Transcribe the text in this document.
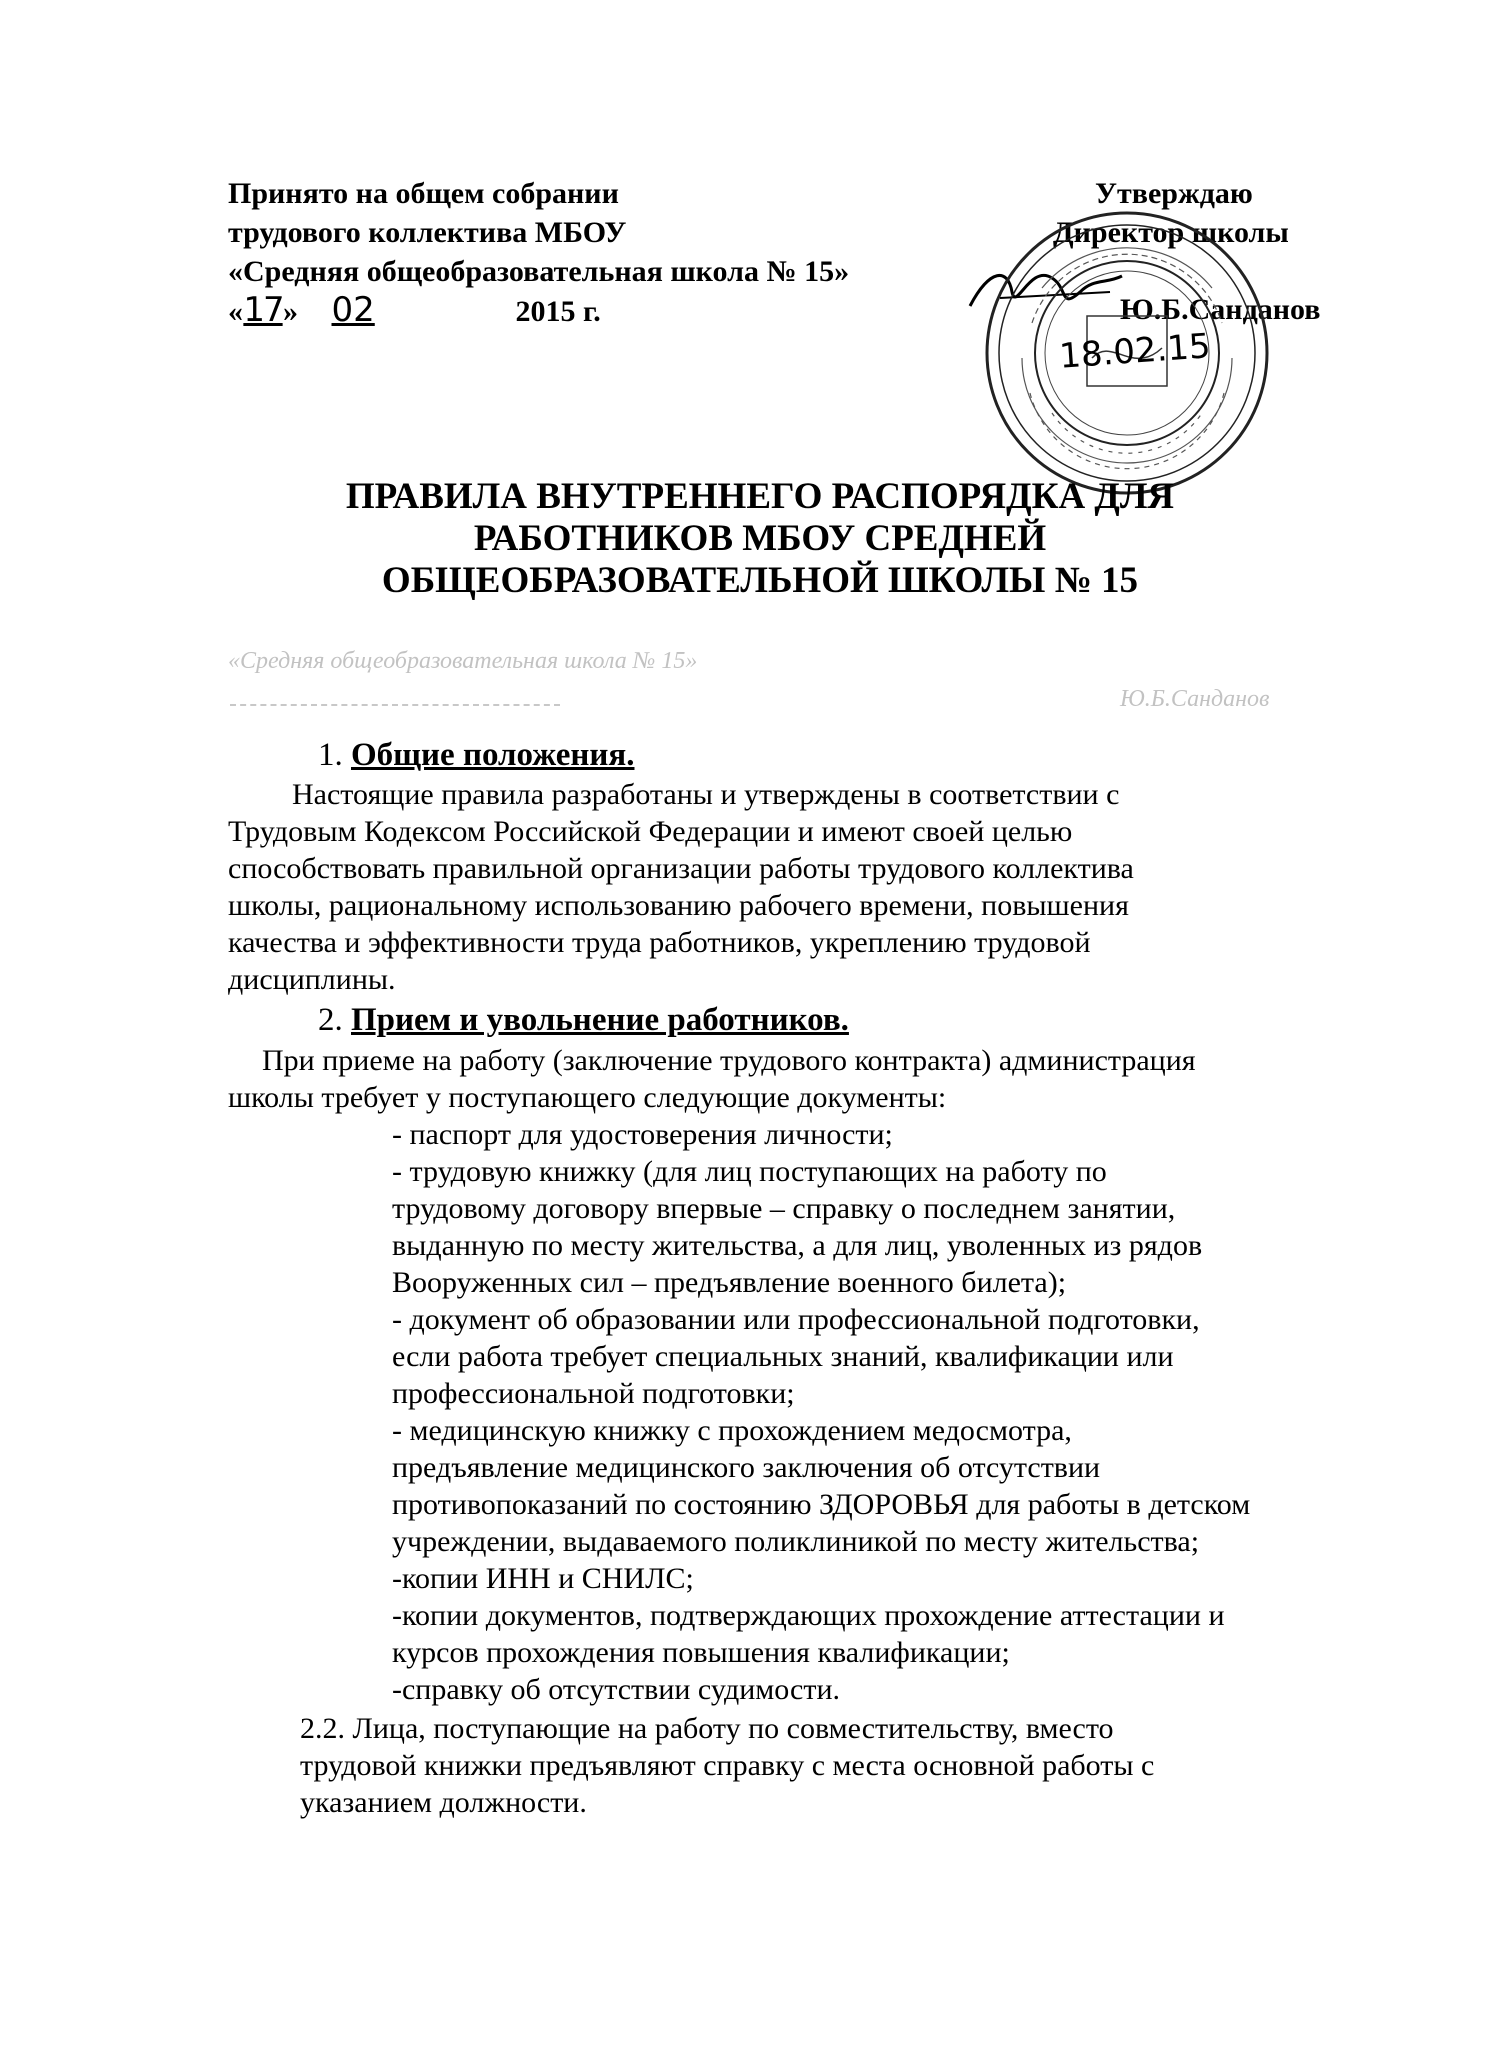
Принято на общем собрании
трудового коллектива МБОУ
«Средняя общеобразовательная школа № 15»
«17» 02	2015 г.
Утверждаю
Директор школы
Ю.Б.Санданов
18.02.15
ПРАВИЛА ВНУТРЕННЕГО РАСПОРЯДКА ДЛЯ
РАБОТНИКОВ МБОУ СРЕДНЕЙ
ОБЩЕОБРАЗОВАТЕЛЬНОЙ ШКОЛЫ № 15
«Средняя общеобразовательная школа № 15»
Ю.Б.Санданов
1. Общие положения.
Настоящие правила разработаны и утверждены в соответствии с
Трудовым Кодексом Российской Федерации и имеют своей целью
способствовать правильной организации работы трудового коллектива
школы, рациональному использованию рабочего времени, повышения
качества и эффективности труда работников, укреплению трудовой
дисциплины.
2. Прием и увольнение работников.
При приеме на работу (заключение трудового контракта) администрация
школы требует у поступающего следующие документы:
- паспорт для удостоверения личности;
- трудовую книжку (для лиц поступающих на работу по
трудовому договору впервые – справку о последнем занятии,
выданную по месту жительства, а для лиц, уволенных из рядов
Вооруженных сил – предъявление военного билета);
- документ об образовании или профессиональной подготовки,
если работа требует специальных знаний, квалификации или
профессиональной подготовки;
- медицинскую книжку с прохождением медосмотра,
предъявление медицинского заключения об отсутствии
противопоказаний по состоянию ЗДОРОВЬЯ для работы в детском
учреждении, выдаваемого поликлиникой по месту жительства;
-копии ИНН и СНИЛС;
-копии документов, подтверждающих прохождение аттестации и
курсов прохождения повышения квалификации;
-справку об отсутствии судимости.
2.2. Лица, поступающие на работу по совместительству, вместо
трудовой книжки предъявляют справку с места основной работы с
указанием должности.
